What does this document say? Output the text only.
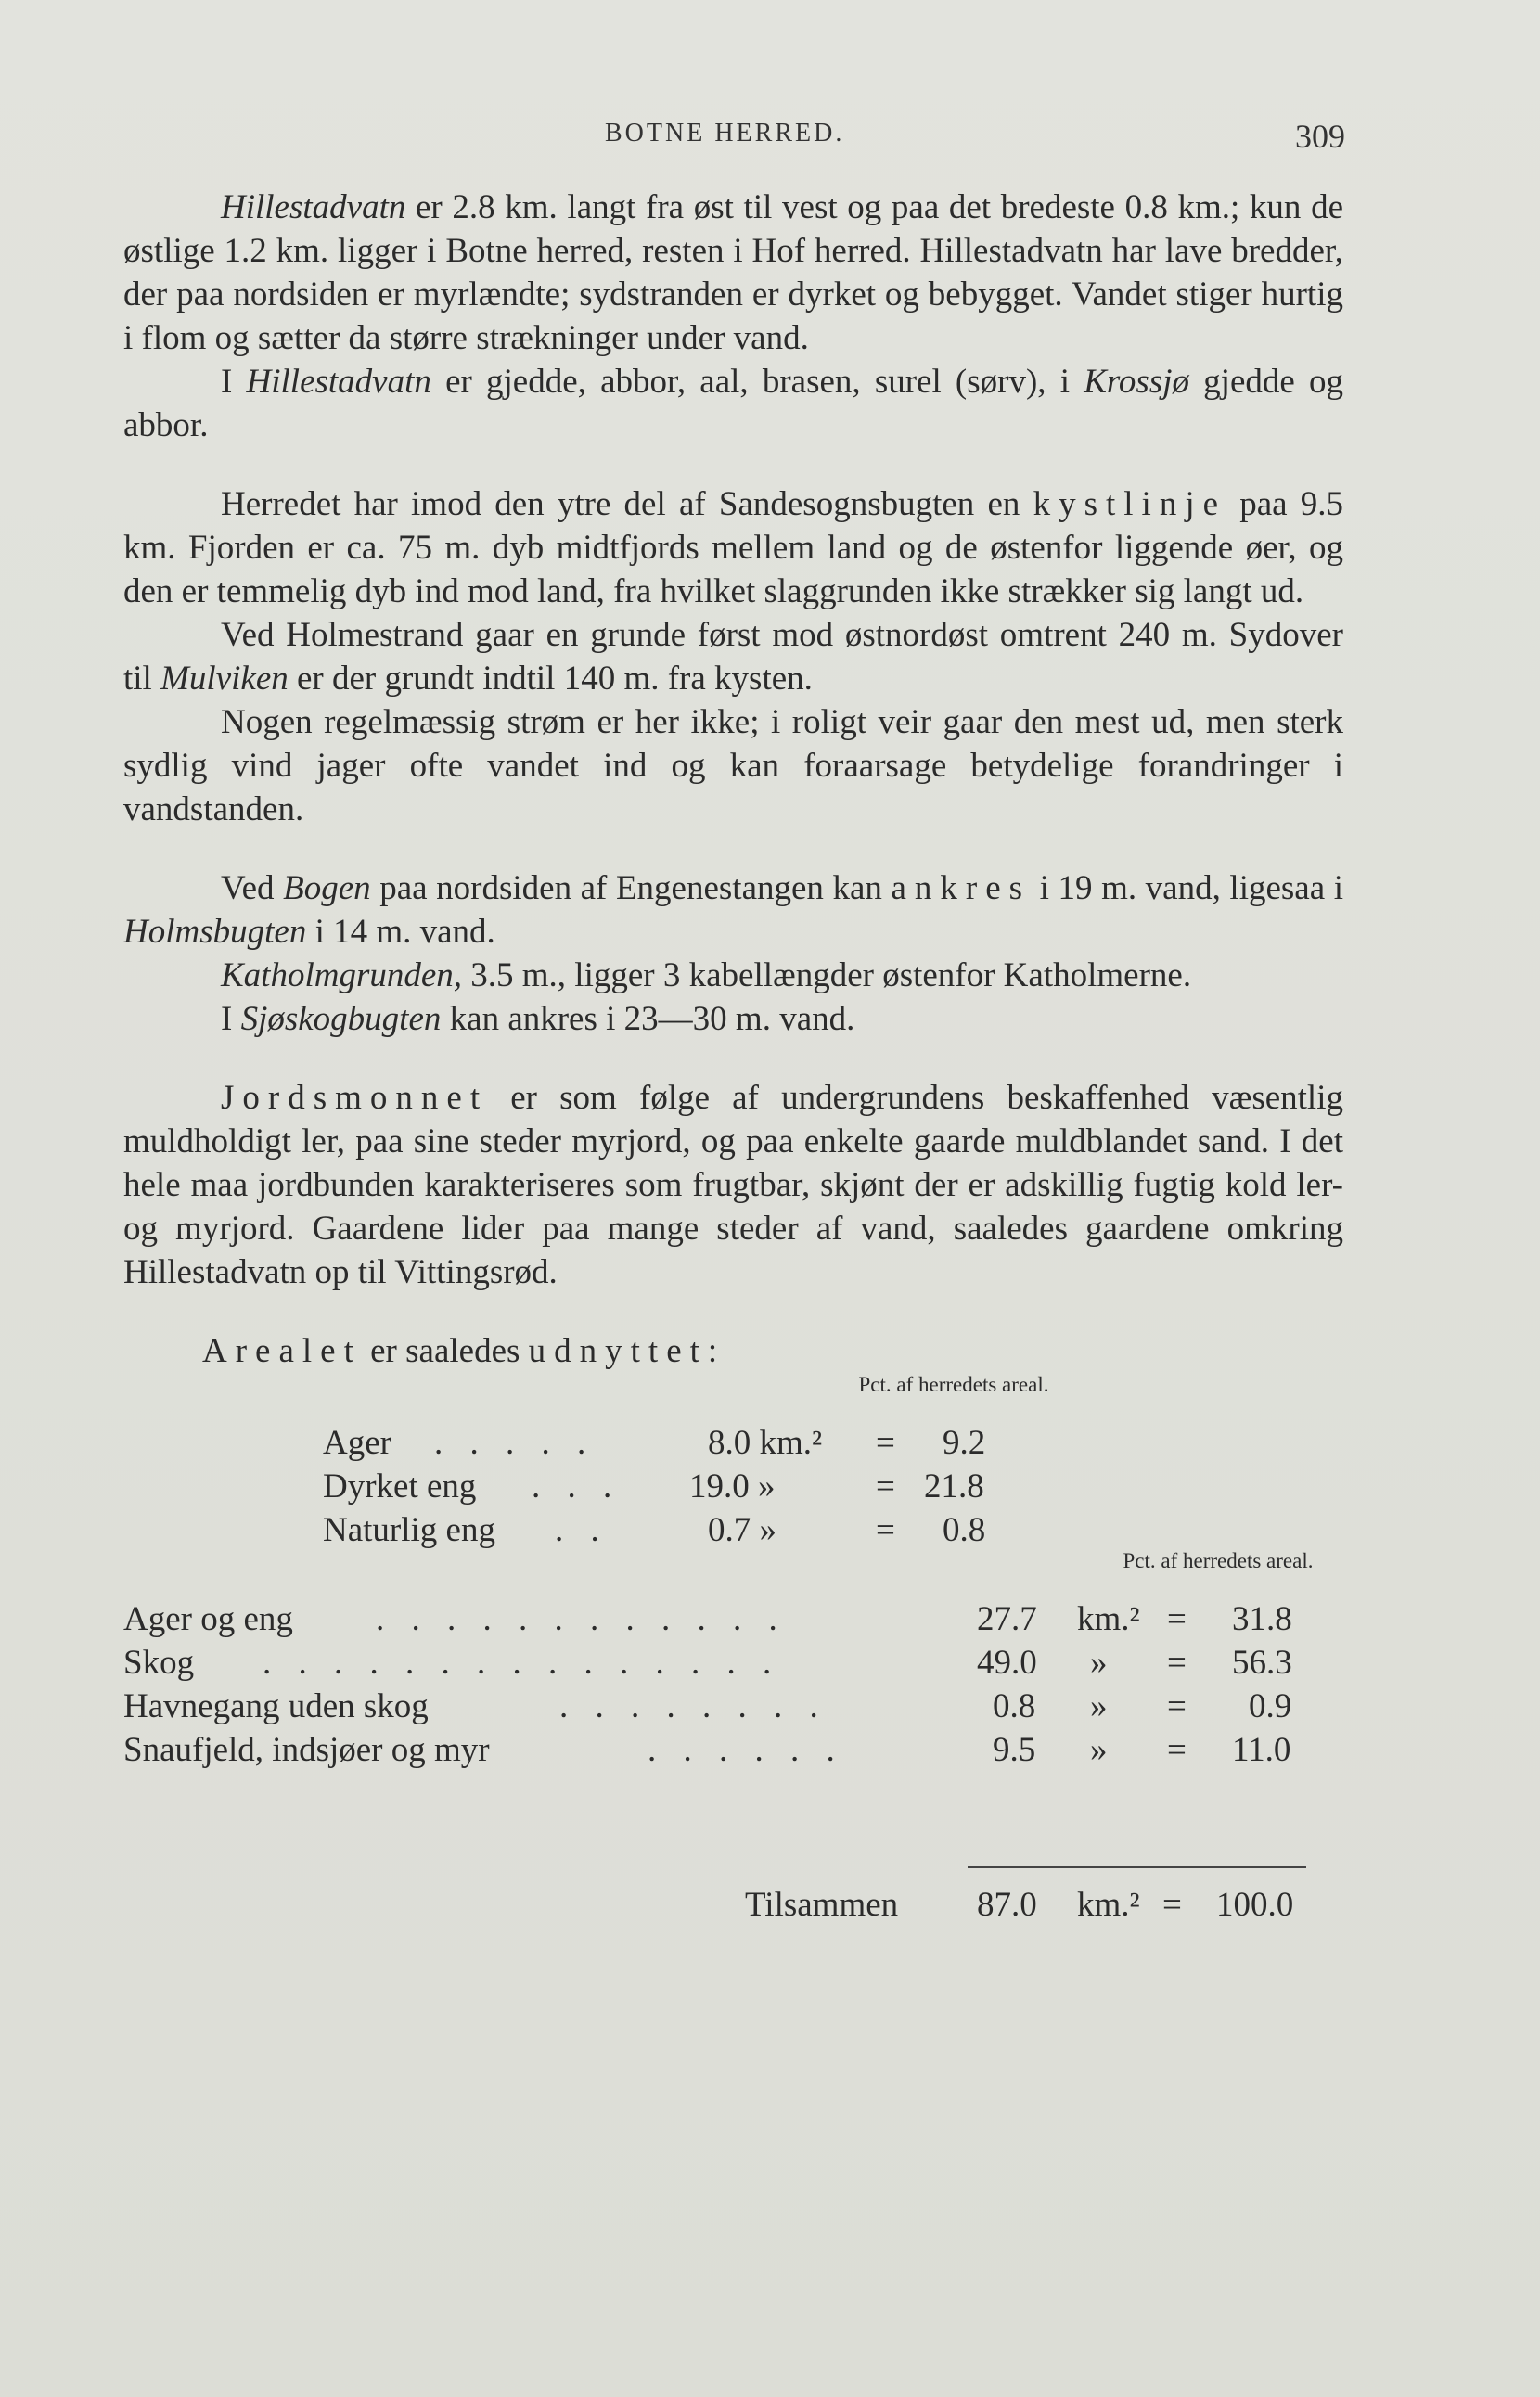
BOTNE HERRED.	309

Hillestadvatn er 2.8 km. langt fra øst til vest og paa det bredeste 0.8 km.; kun de østlige 1.2 km. ligger i Botne herred, resten i Hof herred. Hillestadvatn har lave bredder, der paa nordsiden er myrlændte; sydstranden er dyrket og bebygget. Vandet stiger hurtig i flom og sætter da større strækninger under vand.

I Hillestadvatn er gjedde, abbor, aal, brasen, surel (sørv), i Krossjø gjedde og abbor.

Herredet har imod den ytre del af Sandesognsbugten en kystlinje paa 9.5 km. Fjorden er ca. 75 m. dyb midtfjords mellem land og de østenfor liggende øer, og den er temmelig dyb ind mod land, fra hvilket slaggrunden ikke strækker sig langt ud.

Ved Holmestrand gaar en grunde først mod østnordøst omtrent 240 m. Sydover til Mulviken er der grundt indtil 140 m. fra kysten.

Nogen regelmæssig strøm er her ikke; i roligt veir gaar den mest ud, men sterk sydlig vind jager ofte vandet ind og kan foraarsage betydelige forandringer i vandstanden.

Ved Bogen paa nordsiden af Engenestangen kan ankres i 19 m. vand, ligesaa i Holmsbugten i 14 m. vand.

Katholmgrunden, 3.5 m., ligger 3 kabellængder østenfor Katholmerne.

I Sjøskogbugten kan ankres i 23—30 m. vand.

Jordsmonnet er som følge af undergrundens beskaffenhed væsentlig muldholdigt ler, paa sine steder myrjord, og paa enkelte gaarde muldblandet sand. I det hele maa jordbunden karakteriseres som frugtbar, skjønt der er adskillig fugtig kold ler- og myrjord. Gaardene lider paa mange steder af vand, saaledes gaardene omkring Hillestadvatn op til Vittingsrød.

Arealet er saaledes udnyttet:

Pct. af herredets areal.
Ager . . . . .	8.0 km.² = 9.2
Dyrket eng . . . 19.0 »	= 21.8
Naturlig eng . .	0.7 »	= 0.8
Pct. af herredets areal.
Ager og eng . . . . . . . . . . . .	27.7 km.² = 31.8
Skog . . . . . . . . . . . . . . .	49.0 » = 56.3
Havnegang uden skog	. . . . . . . .	0.8 » = 0.9
Snaufjeld, indsjøer og myr	. . . . . .	9.5 » = 11.0
Tilsammen 87.0 km.² = 100.0
